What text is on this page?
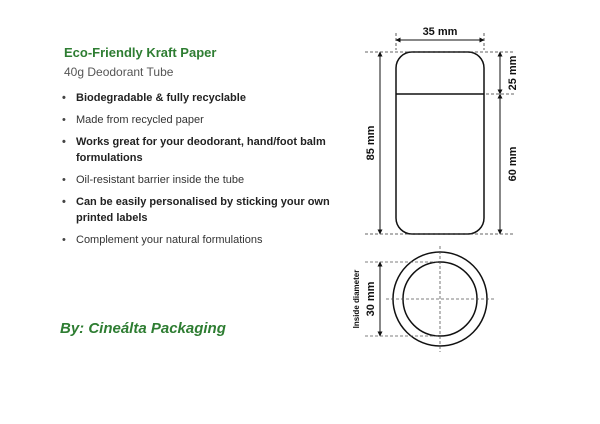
Eco-Friendly Kraft Paper
40g Deodorant Tube
• Biodegradable & fully recyclable
• Made from recycled paper
• Works great for your deodorant, hand/foot balm formulations
• Oil-resistant barrier inside the tube
• Can be easily personalised by sticking your own printed labels
• Complement your natural formulations
By: Cineálta Packaging
35 mm
85 mm
25 mm
60 mm
30 mm
Inside diameter
